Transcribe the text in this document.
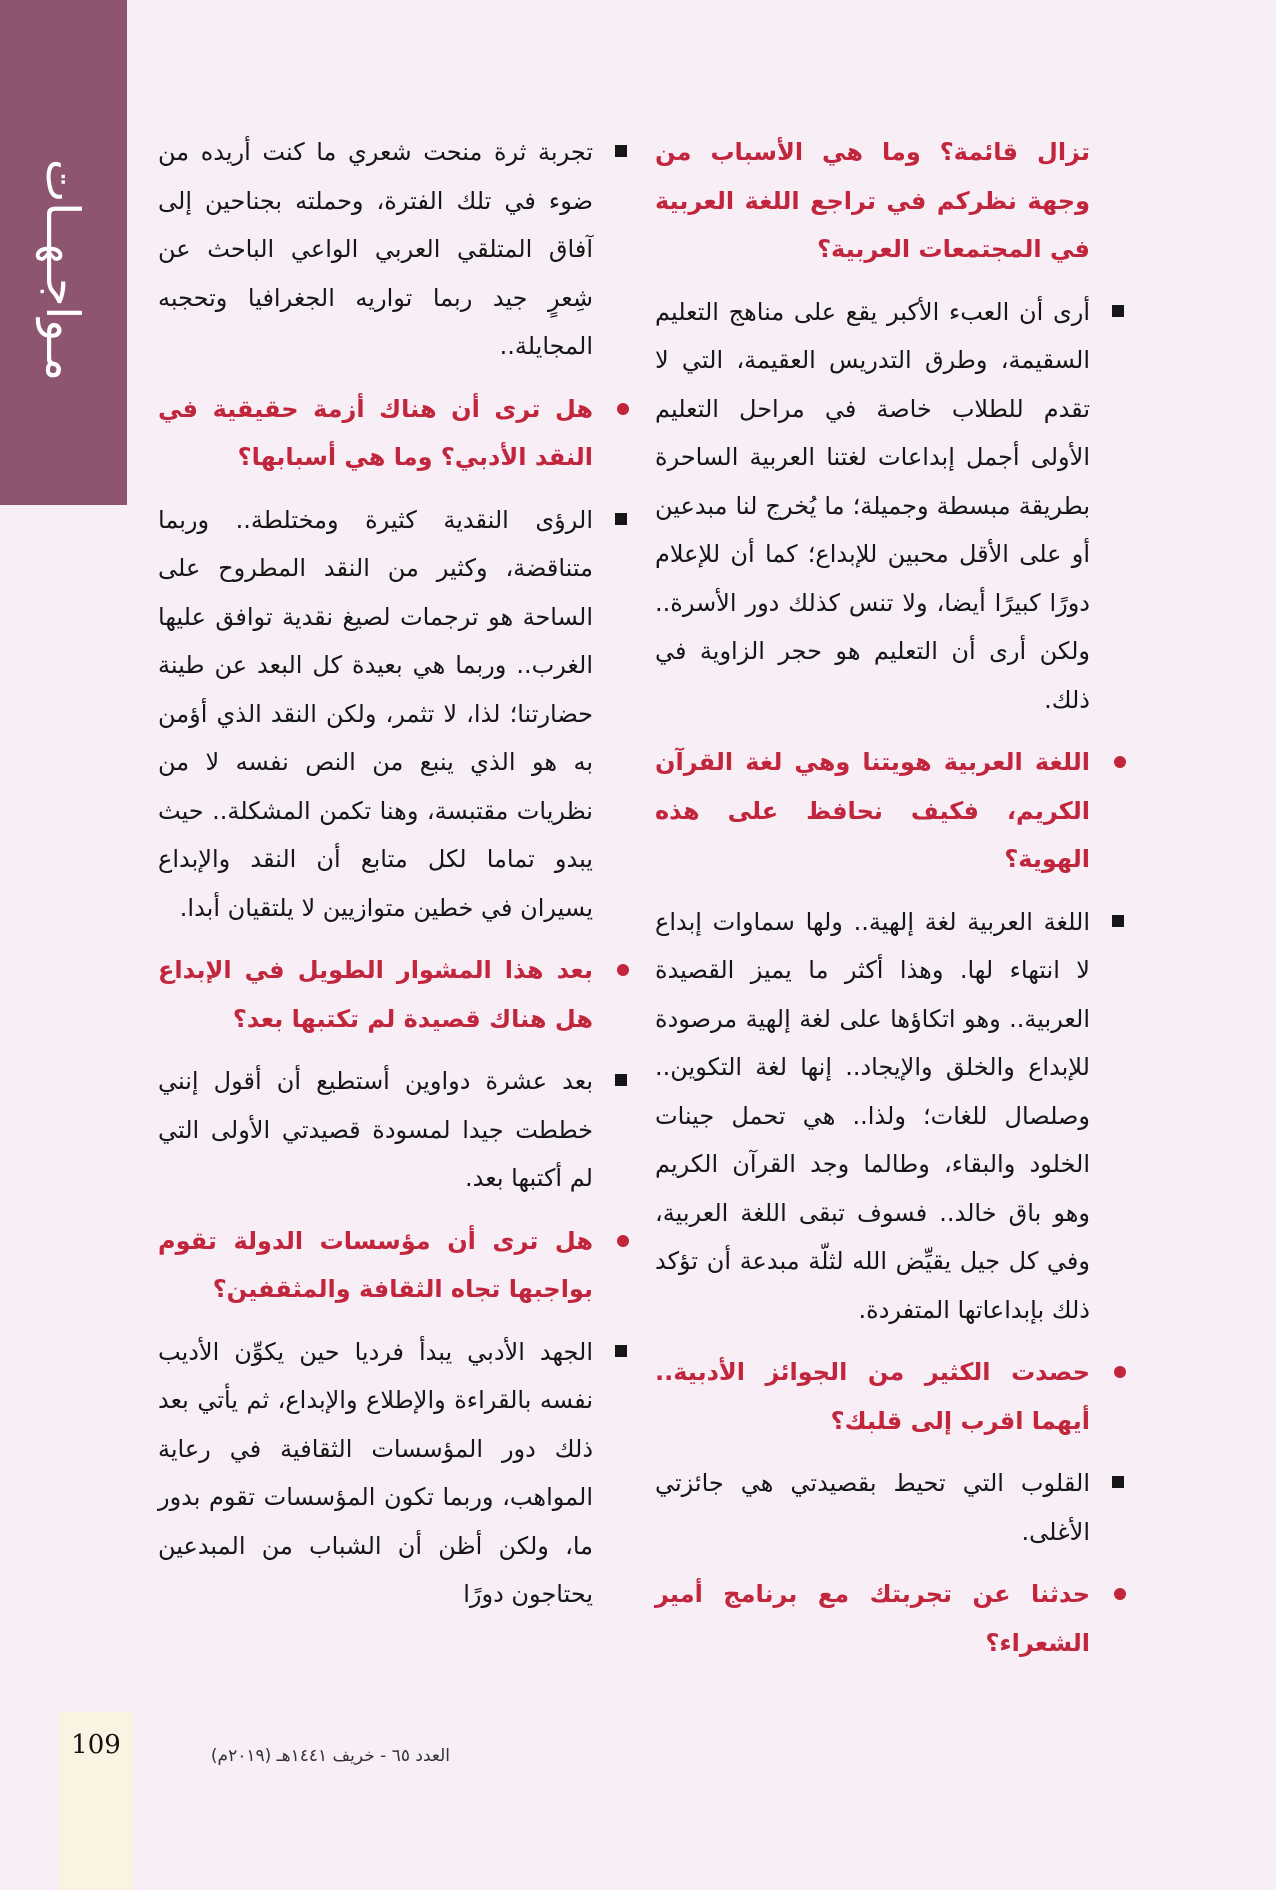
مـواجـهــات

تزال قائمة؟ وما هي الأسباب من وجهة نظركم في تراجع اللغة العربية في المجتمعات العربية؟

أرى أن العبء الأكبر يقع على مناهج التعليم السقيمة، وطرق التدريس العقيمة، التي لا تقدم للطلاب خاصة في مراحل التعليم الأولى أجمل إبداعات لغتنا العربية الساحرة بطريقة مبسطة وجميلة؛ ما يُخرج لنا مبدعين أو على الأقل محبين للإبداع؛ كما أن للإعلام دورًا كبيرًا أيضا، ولا تنس كذلك دور الأسرة.. ولكن أرى أن التعليم هو حجر الزاوية في ذلك.

اللغة العربية هويتنا وهي لغة القرآن الكريم، فكيف نحافظ على هذه الهوية؟

اللغة العربية لغة إلهية.. ولها سماوات إبداع لا انتهاء لها. وهذا أكثر ما يميز القصيدة العربية.. وهو اتكاؤها على لغة إلهية مرصودة للإبداع والخلق والإيجاد.. إنها لغة التكوين.. وصلصال للغات؛ ولذا.. هي تحمل جينات الخلود والبقاء، وطالما وجد القرآن الكريم وهو باق خالد.. فسوف تبقى اللغة العربية، وفي كل جيل يقيِّض الله لثلّة مبدعة أن تؤكد ذلك بإبداعاتها المتفردة.

حصدت الكثير من الجوائز الأدبية.. أيهما اقرب إلى قلبك؟

القلوب التي تحيط بقصيدتي هي جائزتي الأغلى.

حدثنا عن تجربتك مع برنامج أمير الشعراء؟

تجربة ثرة منحت شعري ما كنت أريده من ضوء في تلك الفترة، وحملته بجناحين إلى آفاق المتلقي العربي الواعي الباحث عن شِعرٍ جيد ربما تواريه الجغرافيا وتحجبه المجايلة..

هل ترى أن هناك أزمة حقيقية في النقد الأدبي؟ وما هي أسبابها؟

الرؤى النقدية كثيرة ومختلطة.. وربما متناقضة، وكثير من النقد المطروح على الساحة هو ترجمات لصيغ نقدية توافق عليها الغرب.. وربما هي بعيدة كل البعد عن طينة حضارتنا؛ لذا، لا تثمر، ولكن النقد الذي أؤمن به هو الذي ينبع من النص نفسه لا من نظريات مقتبسة، وهنا تكمن المشكلة.. حيث يبدو تماما لكل متابع أن النقد والإبداع يسيران في خطين متوازيين لا يلتقيان أبدا.

بعد هذا المشوار الطويل في الإبداع هل هناك قصيدة لم تكتبها بعد؟

بعد عشرة دواوين أستطيع أن أقول إنني خططت جيدا لمسودة قصيدتي الأولى التي لم أكتبها بعد.

هل ترى أن مؤسسات الدولة تقوم بواجبها تجاه الثقافة والمثقفين؟

الجهد الأدبي يبدأ فرديا حين يكوِّن الأديب نفسه بالقراءة والإطلاع والإبداع، ثم يأتي بعد ذلك دور المؤسسات الثقافية في رعاية المواهب، وربما تكون المؤسسات تقوم بدور ما، ولكن أظن أن الشباب من المبدعين يحتاجون دورًا

109	العدد ٦٥ - خريف ١٤٤١هـ (٢٠١٩م)
